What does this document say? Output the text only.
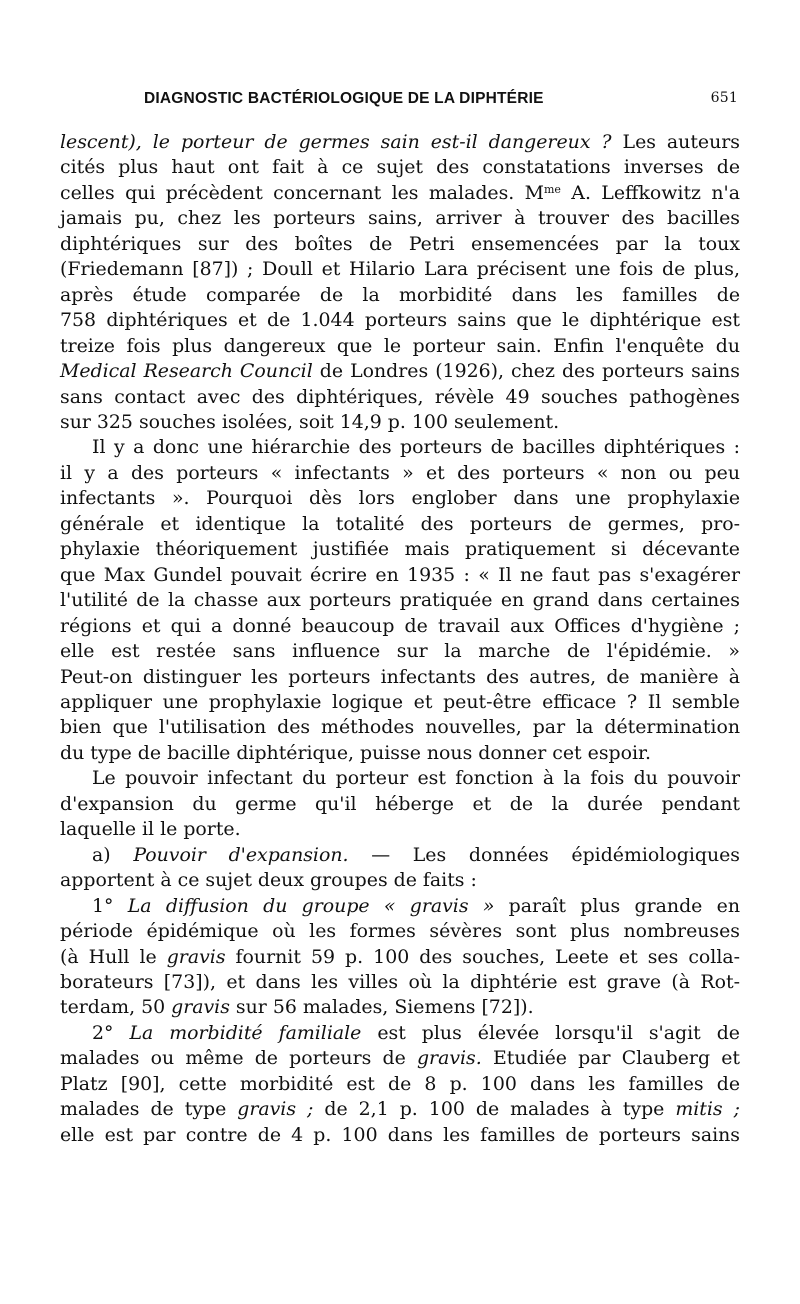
DIAGNOSTIC BACTÉRIOLOGIQUE DE LA DIPHTÉRIE	651
lescent), le porteur de germes sain est-il dangereux ? Les auteurs
cités plus haut ont fait à ce sujet des constatations inverses de
celles qui précèdent concernant les malades. $M^{me}$ A. Leffkowitz n'a
jamais pu, chez les porteurs sains, arriver à trouver des bacilles
diphtériques sur des boîtes de Petri ensemencées par la toux
(Friedemann [87]) ; Doull et Hilario Lara précisent une fois de plus,
après étude comparée de la morbidité dans les familles de
758 diphtériques et de 1.044 porteurs sains que le diphtérique est
treize fois plus dangereux que le porteur sain. Enfin l'enquête du
Medical Research Council de Londres (1926), chez des porteurs sains
sans contact avec des diphtériques, révèle 49 souches pathogènes
sur 325 souches isolées, soit 14,9 p. 100 seulement.
Il y a donc une hiérarchie des porteurs de bacilles diphtériques :
il y a des porteurs « infectants » et des porteurs « non ou peu
infectants ». Pourquoi dès lors englober dans une prophylaxie
générale et identique la totalité des porteurs de germes, pro-
phylaxie théoriquement justifiée mais pratiquement si décevante
que Max Gundel pouvait écrire en 1935 : « Il ne faut pas s'exagérer
l'utilité de la chasse aux porteurs pratiquée en grand dans certaines
régions et qui a donné beaucoup de travail aux Offices d'hygiène ;
elle est restée sans influence sur la marche de l'épidémie. »
Peut-on distinguer les porteurs infectants des autres, de manière à
appliquer une prophylaxie logique et peut-être efficace ? Il semble
bien que l'utilisation des méthodes nouvelles, par la détermination
du type de bacille diphtérique, puisse nous donner cet espoir.
Le pouvoir infectant du porteur est fonction à la fois du pouvoir
d'expansion du germe qu'il héberge et de la durée pendant
laquelle il le porte.
a) Pouvoir d'expansion. — Les données épidémiologiques
apportent à ce sujet deux groupes de faits :
1° La diffusion du groupe « gravis » paraît plus grande en
période épidémique où les formes sévères sont plus nombreuses
(à Hull le gravis fournit 59 p. 100 des souches, Leete et ses colla-
borateurs [73]), et dans les villes où la diphtérie est grave (à Rot-
terdam, 50 gravis sur 56 malades, Siemens [72]).
2° La morbidité familiale est plus élevée lorsqu'il s'agit de
malades ou même de porteurs de gravis. Etudiée par Clauberg et
Platz [90], cette morbidité est de 8 p. 100 dans les familles de
malades de type gravis ; de 2,1 p. 100 de malades à type mitis ;
elle est par contre de 4 p. 100 dans les familles de porteurs sains
